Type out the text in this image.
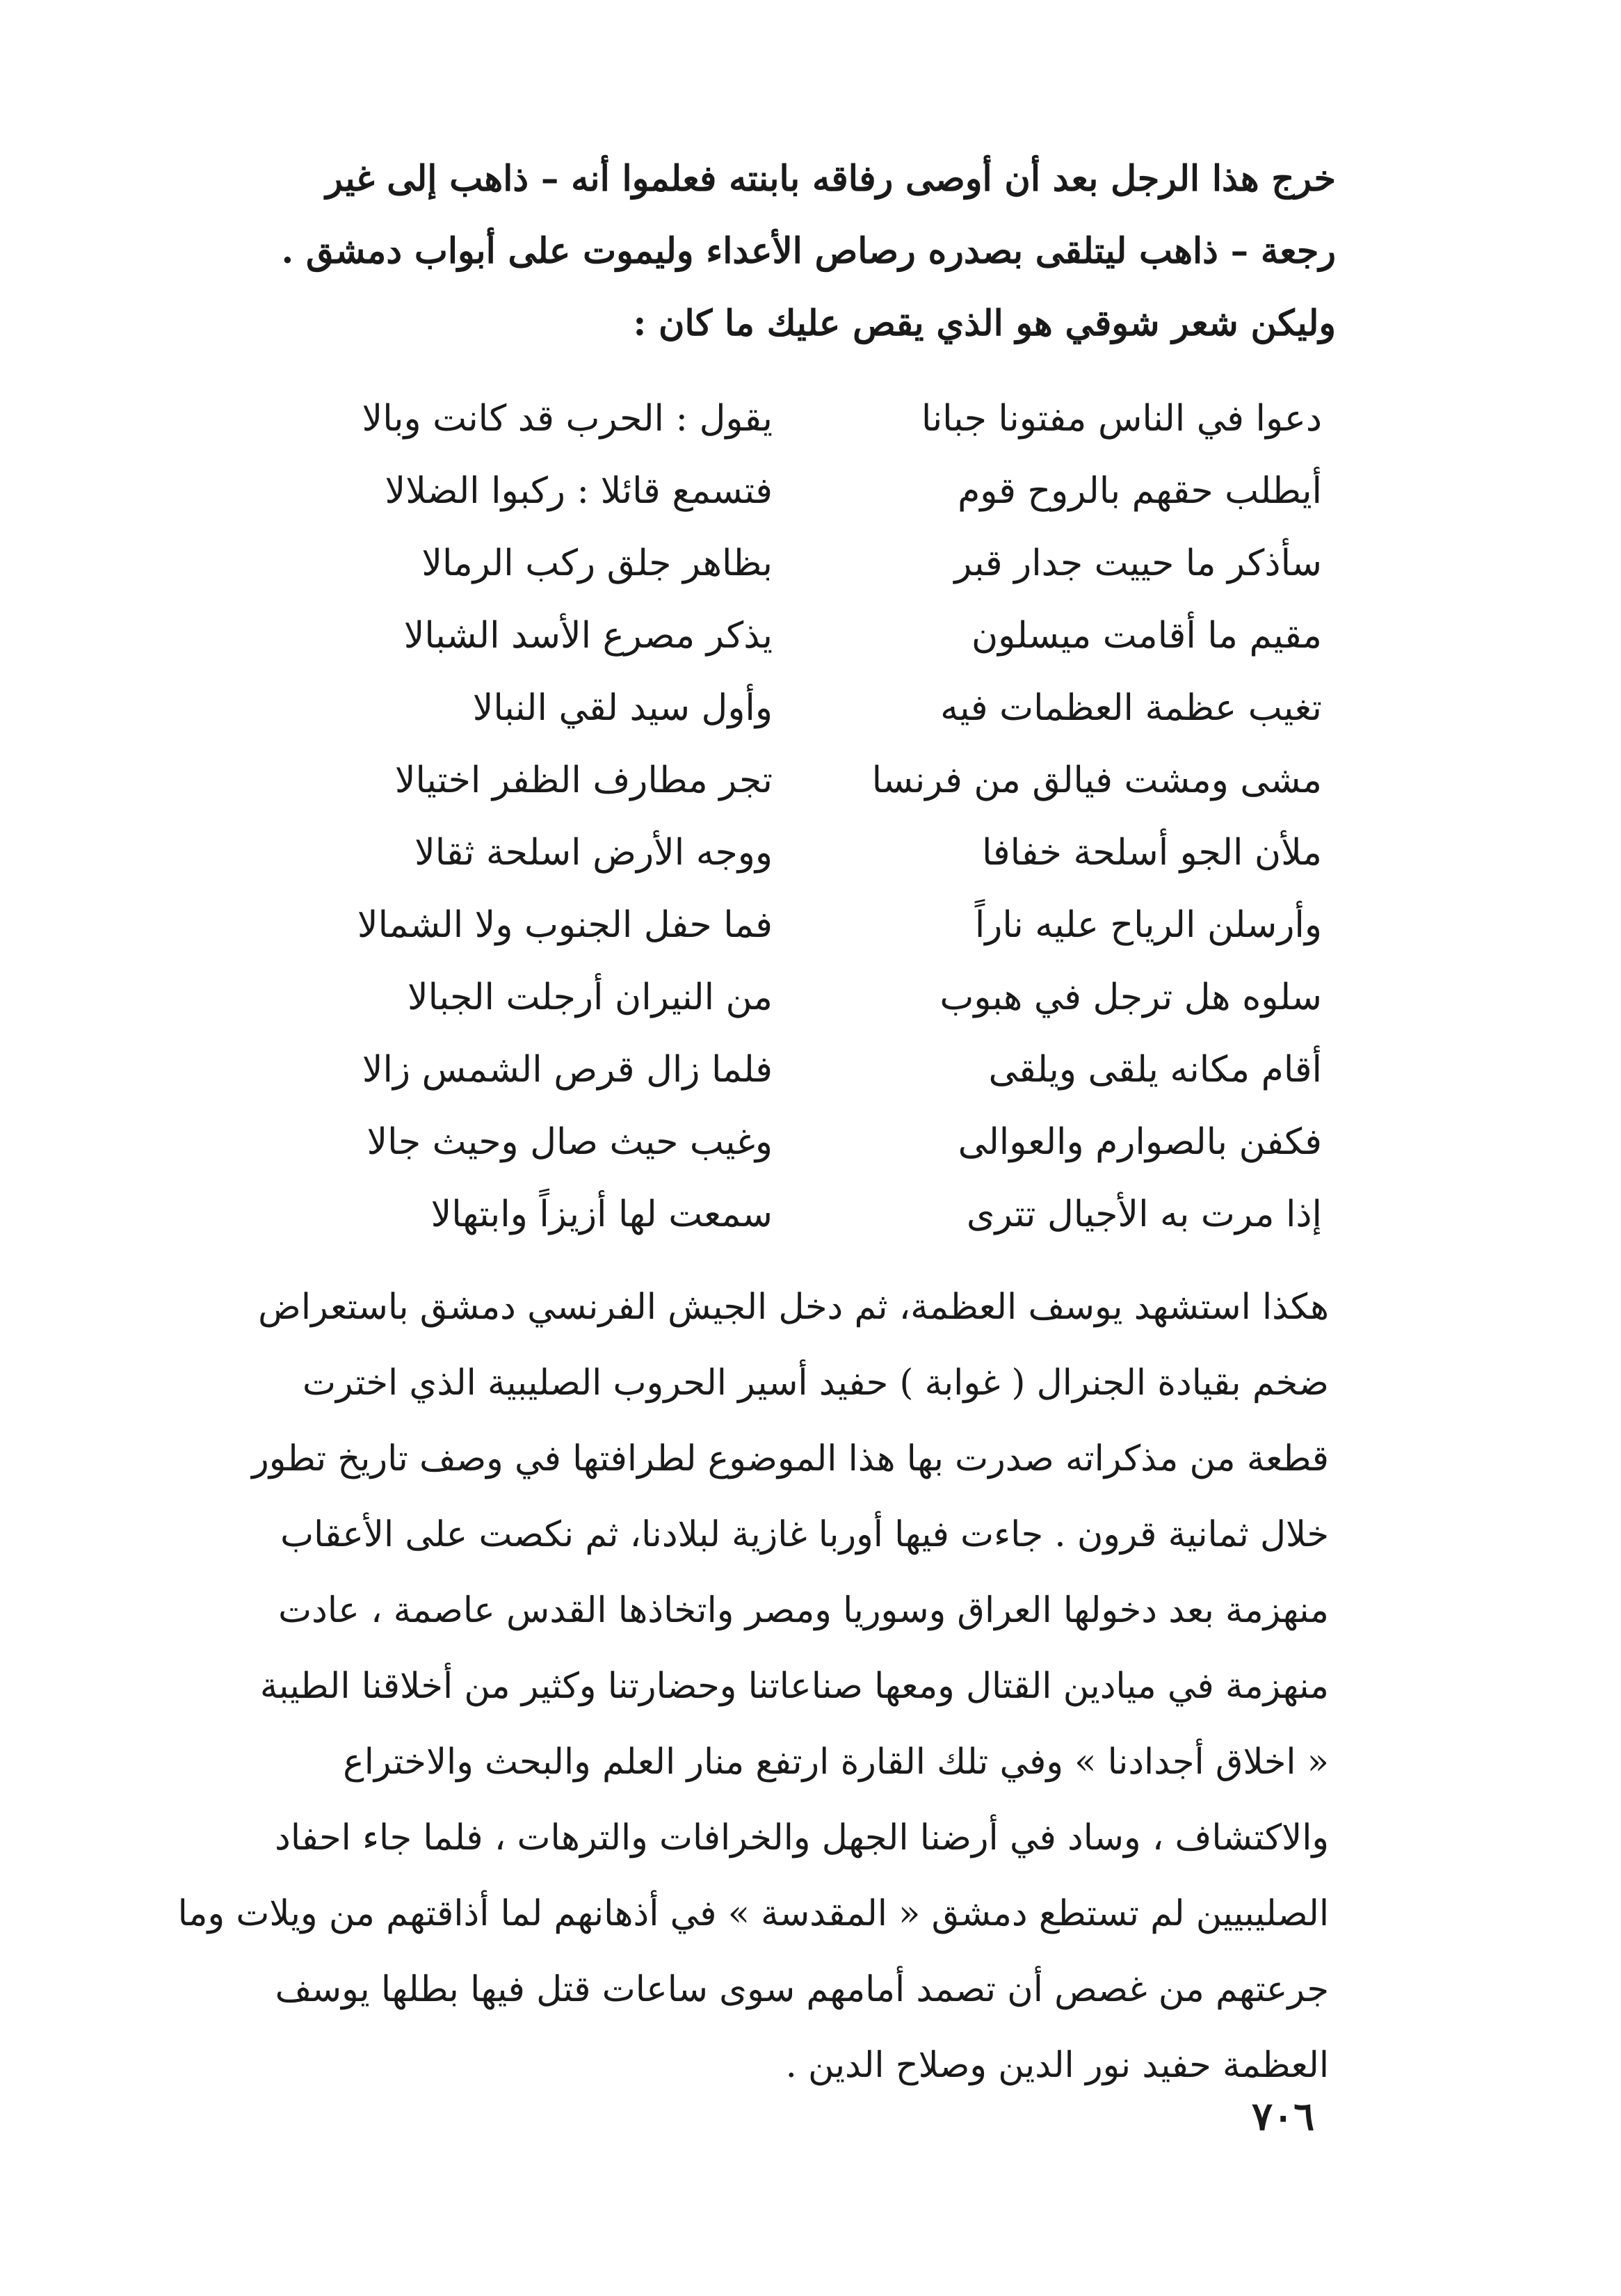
خرج هذا الرجل بعد أن أوصى رفاقه بابنته فعلموا أنه – ذاهب إلى غير
رجعة – ذاهب ليتلقى بصدره رصاص الأعداء وليموت على أبواب دمشق .
وليكن شعر شوقي هو الذي يقص عليك ما كان :
دعوا في الناس مفتونا جبانا
يقول : الحرب قد كانت وبالا
أيطلب حقهم بالروح قوم
فتسمع قائلا : ركبوا الضلالا
سأذكر ما حييت جدار قبر
بظاهر جلق ركب الرمالا
مقيم ما أقامت ميسلون
يذكر مصرع الأسد الشبالا
تغيب عظمة العظمات فيه
وأول سيد لقي النبالا
مشى ومشت فيالق من فرنسا
تجر مطارف الظفر اختيالا
ملأن الجو أسلحة خفافا
ووجه الأرض اسلحة ثقالا
وأرسلن الرياح عليه ناراً
فما حفل الجنوب ولا الشمالا
سلوه هل ترجل في هبوب
من النيران أرجلت الجبالا
أقام مكانه يلقى ويلقى
فلما زال قرص الشمس زالا
فكفن بالصوارم والعوالى
وغيب حيث صال وحيث جالا
إذا مرت به الأجيال تترى
سمعت لها أزيزاً وابتهالا
هكذا استشهد يوسف العظمة، ثم دخل الجيش الفرنسي دمشق باستعراض
ضخم بقيادة الجنرال ( غوابة ) حفيد أسير الحروب الصليبية الذي اخترت
قطعة من مذكراته صدرت بها هذا الموضوع لطرافتها في وصف تاريخ تطور
خلال ثمانية قرون . جاءت فيها أوربا غازية لبلادنا، ثم نكصت على الأعقاب
منهزمة بعد دخولها العراق وسوريا ومصر واتخاذها القدس عاصمة ، عادت
منهزمة في ميادين القتال ومعها صناعاتنا وحضارتنا وكثير من أخلاقنا الطيبة
« اخلاق أجدادنا » وفي تلك القارة ارتفع منار العلم والبحث والاختراع
والاكتشاف ، وساد في أرضنا الجهل والخرافات والترهات ، فلما جاء احفاد
الصليبيين لم تستطع دمشق « المقدسة » في أذهانهم لما أذاقتهم من ويلات وما
جرعتهم من غصص أن تصمد أمامهم سوى ساعات قتل فيها بطلها يوسف
العظمة حفيد نور الدين وصلاح الدين .
٧٠٦
